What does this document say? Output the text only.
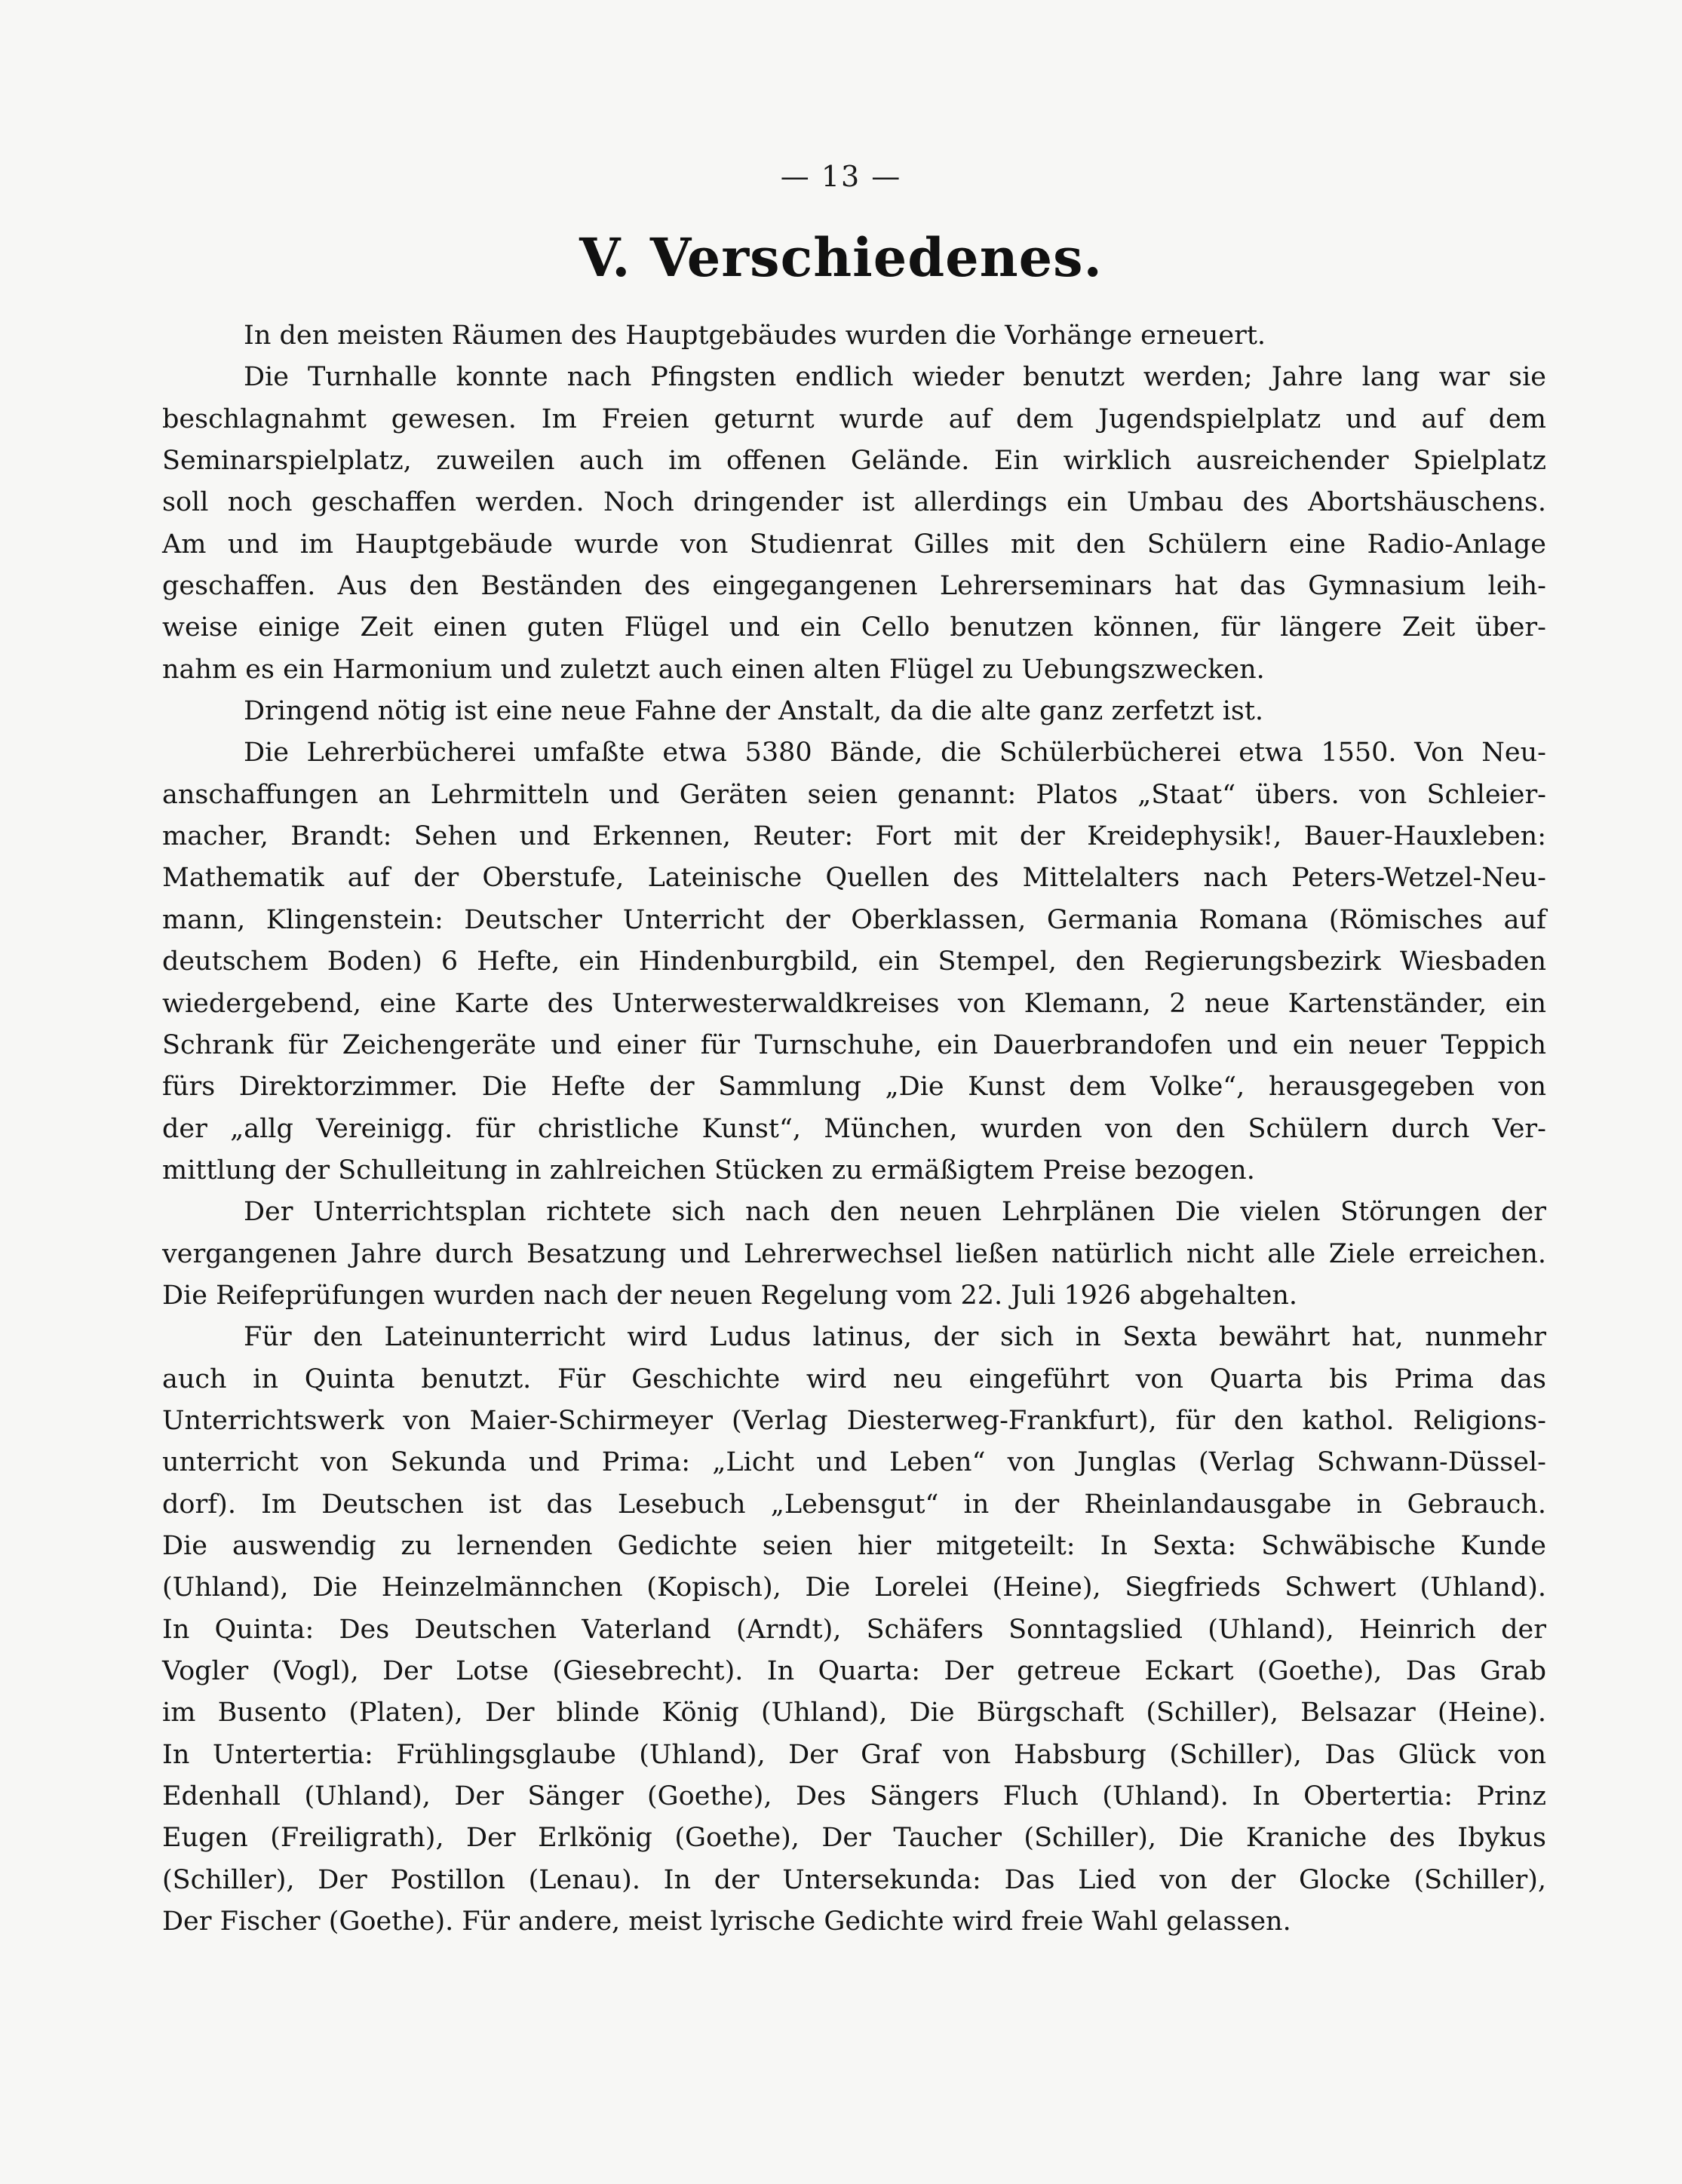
— 13 —
V. Verschiedenes.
In den meisten Räumen des Hauptgebäudes wurden die Vorhänge erneuert.
Die Turnhalle konnte nach Pfingsten endlich wieder benutzt werden; Jahre lang war sie
beschlagnahmt gewesen. Im Freien geturnt wurde auf dem Jugendspielplatz und auf dem
Seminarspielplatz, zuweilen auch im offenen Gelände. Ein wirklich ausreichender Spielplatz
soll noch geschaffen werden. Noch dringender ist allerdings ein Umbau des Abortshäuschens.
Am und im Hauptgebäude wurde von Studienrat Gilles mit den Schülern eine Radio-Anlage
geschaffen. Aus den Beständen des eingegangenen Lehrerseminars hat das Gymnasium leih-
weise einige Zeit einen guten Flügel und ein Cello benutzen können, für längere Zeit über-
nahm es ein Harmonium und zuletzt auch einen alten Flügel zu Uebungszwecken.
Dringend nötig ist eine neue Fahne der Anstalt, da die alte ganz zerfetzt ist.
Die Lehrerbücherei umfaßte etwa 5380 Bände, die Schülerbücherei etwa 1550. Von Neu-
anschaffungen an Lehrmitteln und Geräten seien genannt: Platos „Staat“ übers. von Schleier-
macher, Brandt: Sehen und Erkennen, Reuter: Fort mit der Kreidephysik!, Bauer-Hauxleben:
Mathematik auf der Oberstufe, Lateinische Quellen des Mittelalters nach Peters-Wetzel-Neu-
mann, Klingenstein: Deutscher Unterricht der Oberklassen, Germania Romana (Römisches auf
deutschem Boden) 6 Hefte, ein Hindenburgbild, ein Stempel, den Regierungsbezirk Wiesbaden
wiedergebend, eine Karte des Unterwesterwaldkreises von Klemann, 2 neue Kartenständer, ein
Schrank für Zeichengeräte und einer für Turnschuhe, ein Dauerbrandofen und ein neuer Teppich
fürs Direktorzimmer. Die Hefte der Sammlung „Die Kunst dem Volke“, herausgegeben von
der „allg Vereinigg. für christliche Kunst“, München, wurden von den Schülern durch Ver-
mittlung der Schulleitung in zahlreichen Stücken zu ermäßigtem Preise bezogen.
Der Unterrichtsplan richtete sich nach den neuen Lehrplänen Die vielen Störungen der
vergangenen Jahre durch Besatzung und Lehrerwechsel ließen natürlich nicht alle Ziele erreichen.
Die Reifeprüfungen wurden nach der neuen Regelung vom 22. Juli 1926 abgehalten.
Für den Lateinunterricht wird Ludus latinus, der sich in Sexta bewährt hat, nunmehr
auch in Quinta benutzt. Für Geschichte wird neu eingeführt von Quarta bis Prima das
Unterrichtswerk von Maier-Schirmeyer (Verlag Diesterweg-Frankfurt), für den kathol. Religions-
unterricht von Sekunda und Prima: „Licht und Leben“ von Junglas (Verlag Schwann-Düssel-
dorf). Im Deutschen ist das Lesebuch „Lebensgut“ in der Rheinlandausgabe in Gebrauch.
Die auswendig zu lernenden Gedichte seien hier mitgeteilt: In Sexta: Schwäbische Kunde
(Uhland), Die Heinzelmännchen (Kopisch), Die Lorelei (Heine), Siegfrieds Schwert (Uhland).
In Quinta: Des Deutschen Vaterland (Arndt), Schäfers Sonntagslied (Uhland), Heinrich der
Vogler (Vogl), Der Lotse (Giesebrecht). In Quarta: Der getreue Eckart (Goethe), Das Grab
im Busento (Platen), Der blinde König (Uhland), Die Bürgschaft (Schiller), Belsazar (Heine).
In Untertertia: Frühlingsglaube (Uhland), Der Graf von Habsburg (Schiller), Das Glück von
Edenhall (Uhland), Der Sänger (Goethe), Des Sängers Fluch (Uhland). In Obertertia: Prinz
Eugen (Freiligrath), Der Erlkönig (Goethe), Der Taucher (Schiller), Die Kraniche des Ibykus
(Schiller), Der Postillon (Lenau). In der Untersekunda: Das Lied von der Glocke (Schiller),
Der Fischer (Goethe). Für andere, meist lyrische Gedichte wird freie Wahl gelassen.
